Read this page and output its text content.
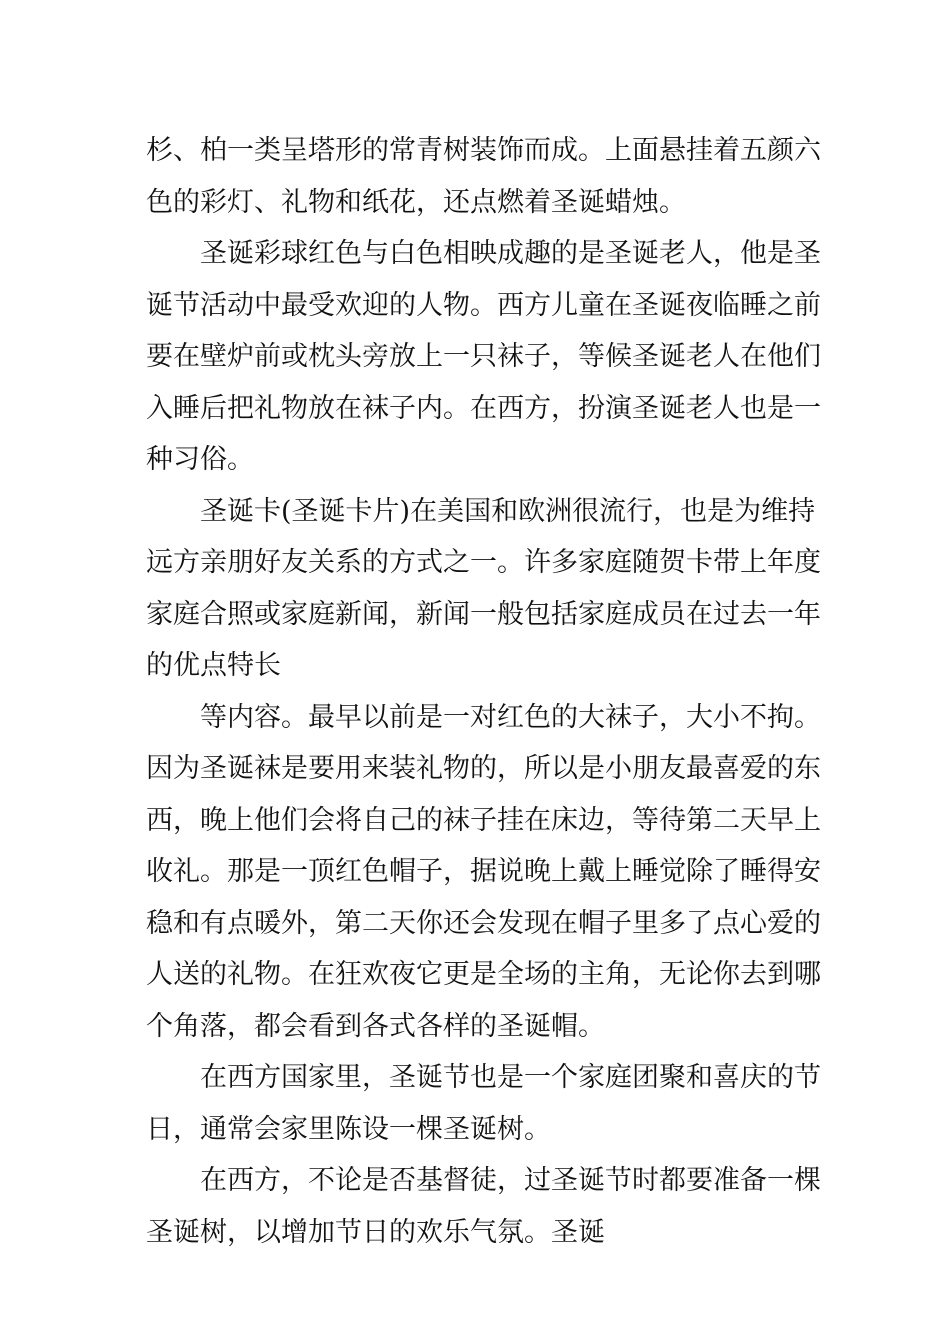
杉、柏一类呈塔形的常青树装饰而成。上面悬挂着五颜六
色的彩灯、礼物和纸花，还点燃着圣诞蜡烛。
圣诞彩球红色与白色相映成趣的是圣诞老人，他是圣
诞节活动中最受欢迎的人物。西方儿童在圣诞夜临睡之前
要在壁炉前或枕头旁放上一只袜子，等候圣诞老人在他们
入睡后把礼物放在袜子内。在西方，扮演圣诞老人也是一
种习俗。
圣诞卡(圣诞卡片)在美国和欧洲很流行，也是为维持
远方亲朋好友关系的方式之一。许多家庭随贺卡带上年度
家庭合照或家庭新闻，新闻一般包括家庭成员在过去一年
的优点特长
等内容。最早以前是一对红色的大袜子，大小不拘。
因为圣诞袜是要用来装礼物的，所以是小朋友最喜爱的东
西，晚上他们会将自己的袜子挂在床边，等待第二天早上
收礼。那是一顶红色帽子，据说晚上戴上睡觉除了睡得安
稳和有点暖外，第二天你还会发现在帽子里多了点心爱的
人送的礼物。在狂欢夜它更是全场的主角，无论你去到哪
个角落，都会看到各式各样的圣诞帽。
在西方国家里，圣诞节也是一个家庭团聚和喜庆的节
日，通常会家里陈设一棵圣诞树。
在西方，不论是否基督徒，过圣诞节时都要准备一棵
圣诞树，以增加节日的欢乐气氛。圣诞
